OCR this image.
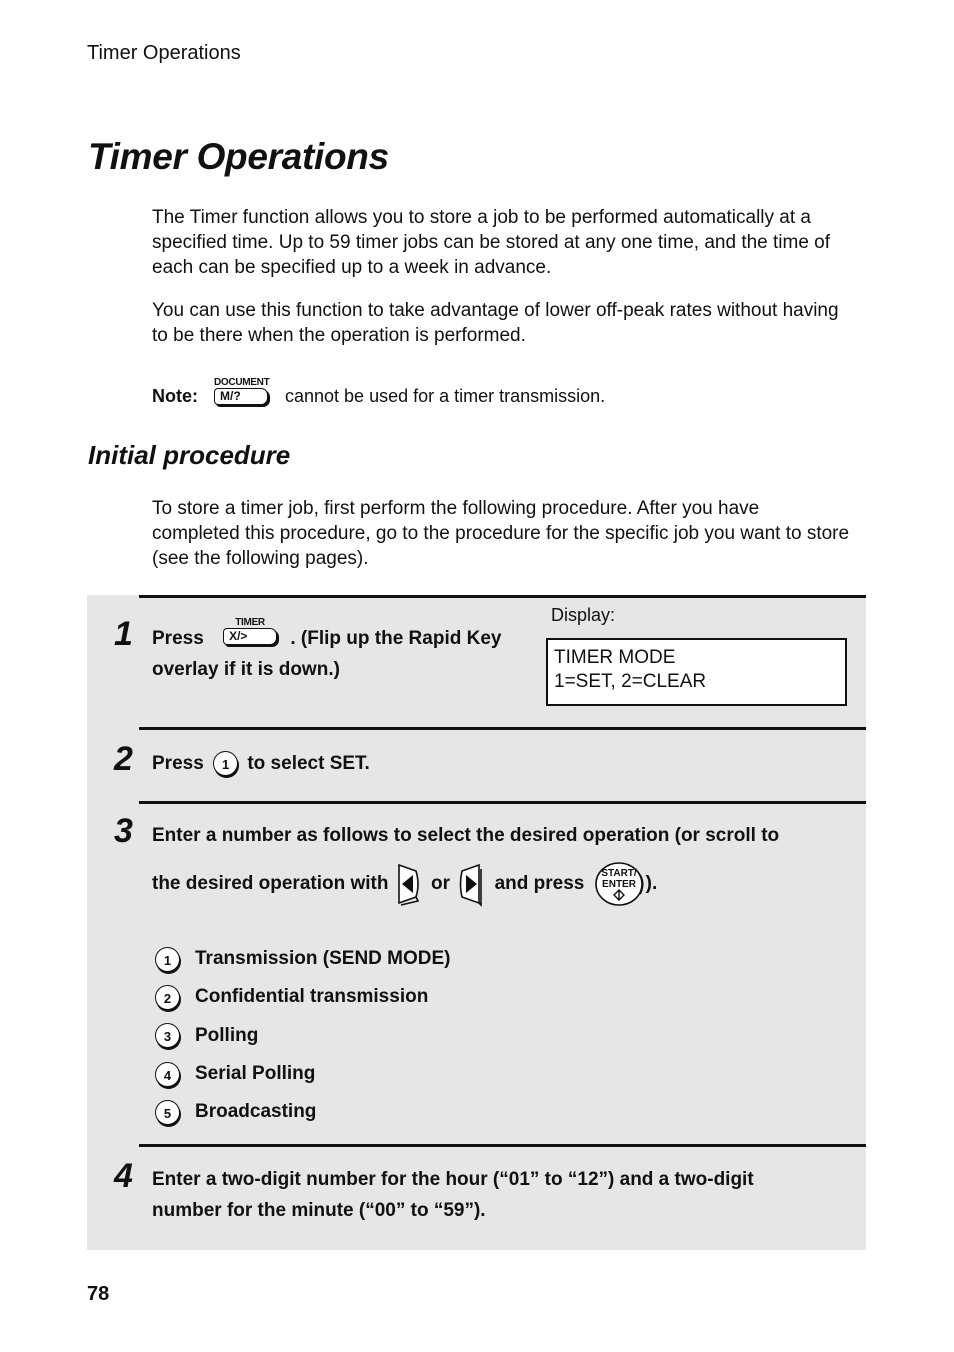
Timer Operations
Timer Operations

The Timer function allows you to store a job to be performed automatically at a specified time. Up to 59 timer jobs can be stored at any one time, and the time of each can be specified up to a week in advance.

You can use this function to take advantage of lower off-peak rates without having to be there when the operation is performed.

Note:
DOCUMENT
M/?	cannot be used for a timer transmission.
Initial procedure

To store a timer job, first perform the following procedure. After you have completed this procedure, go to the procedure for the specific job you want to store (see the following pages).

1 Press
TIMER
X/>	. (Flip up the Rapid Key
overlay if it is down.)
Display:
TIMER MODE
1=SET, 2=CLEAR
2 Press 1 to select SET.
3 Enter a number as follows to select the desired operation (or scroll to
the desired operation with or and press START/
ENTER ).
1	Transmission (SEND MODE)
2	Confidential transmission
3	Polling
4	Serial Polling
5	Broadcasting
4 Enter a two-digit number for the hour (“01” to “12”) and a two-digit
number for the minute (“00” to “59”).
78
